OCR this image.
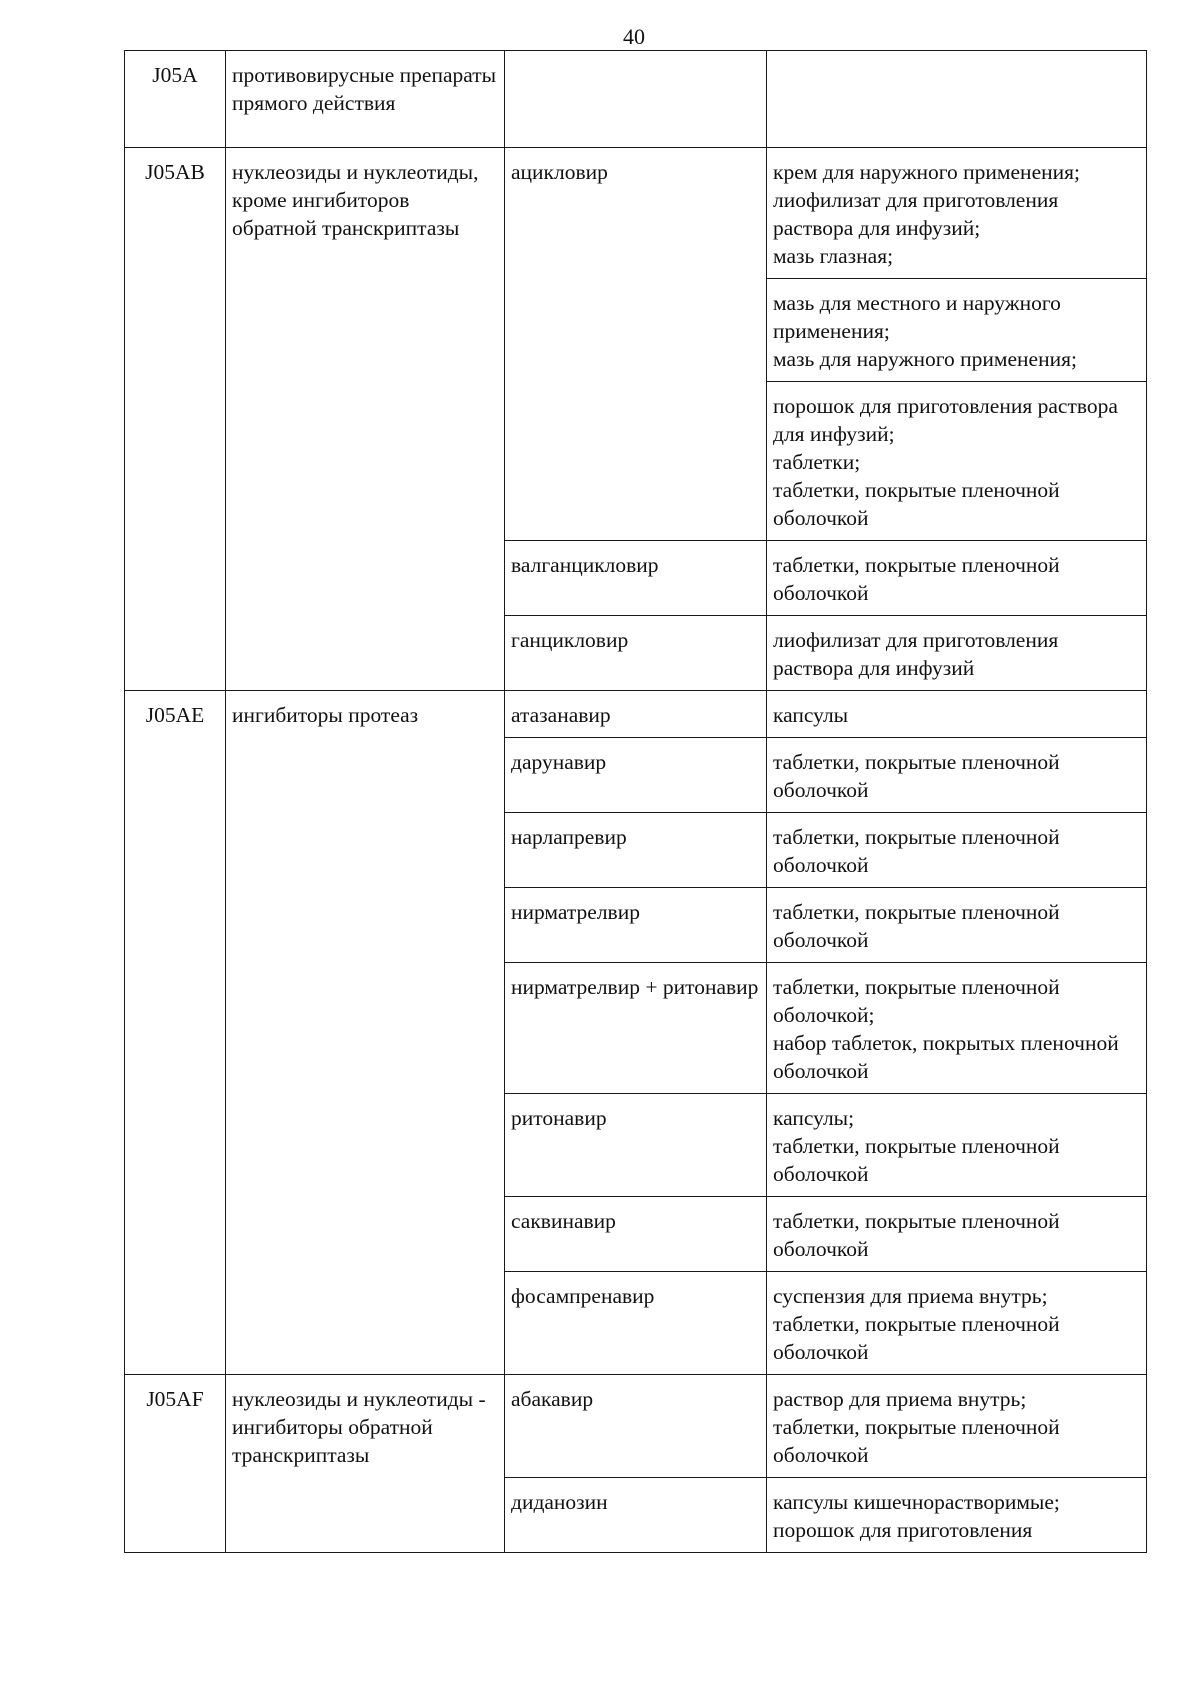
40
J05A	противовирусные препараты прямого действия		
J05AB	нуклеозиды и нуклеотиды, кроме ингибиторов обратной транскриптазы	ацикловир	крем для наружного применения;
лиофилизат для приготовления раствора для инфузий;
мазь глазная;

			мазь для местного и наружного применения;
мазь для наружного применения;

			порошок для приготовления раствора для инфузий;
таблетки;
таблетки, покрытые пленочной оболочкой

		валганцикловир	таблетки, покрытые пленочной оболочкой

		ганцикловир	лиофилизат для приготовления раствора для инфузий

J05AE	ингибиторы протеаз	атазанавир	капсулы

		дарунавир	таблетки, покрытые пленочной оболочкой

		нарлапревир	таблетки, покрытые пленочной оболочкой

		нирматрелвир	таблетки, покрытые пленочной оболочкой

		нирматрелвир + ритонавир	таблетки, покрытые пленочной оболочкой;
набор таблеток, покрытых пленочной оболочкой

		ритонавир	капсулы;
таблетки, покрытые пленочной оболочкой

		саквинавир	таблетки, покрытые пленочной оболочкой

		фосампренавир	суспензия для приема внутрь;
таблетки, покрытые пленочной оболочкой

J05AF	нуклеозиды и нуклеотиды - ингибиторы обратной транскриптазы	абакавир	раствор для приема внутрь;
таблетки, покрытые пленочной оболочкой

		диданозин	капсулы кишечнорастворимые;
порошок для приготовления
